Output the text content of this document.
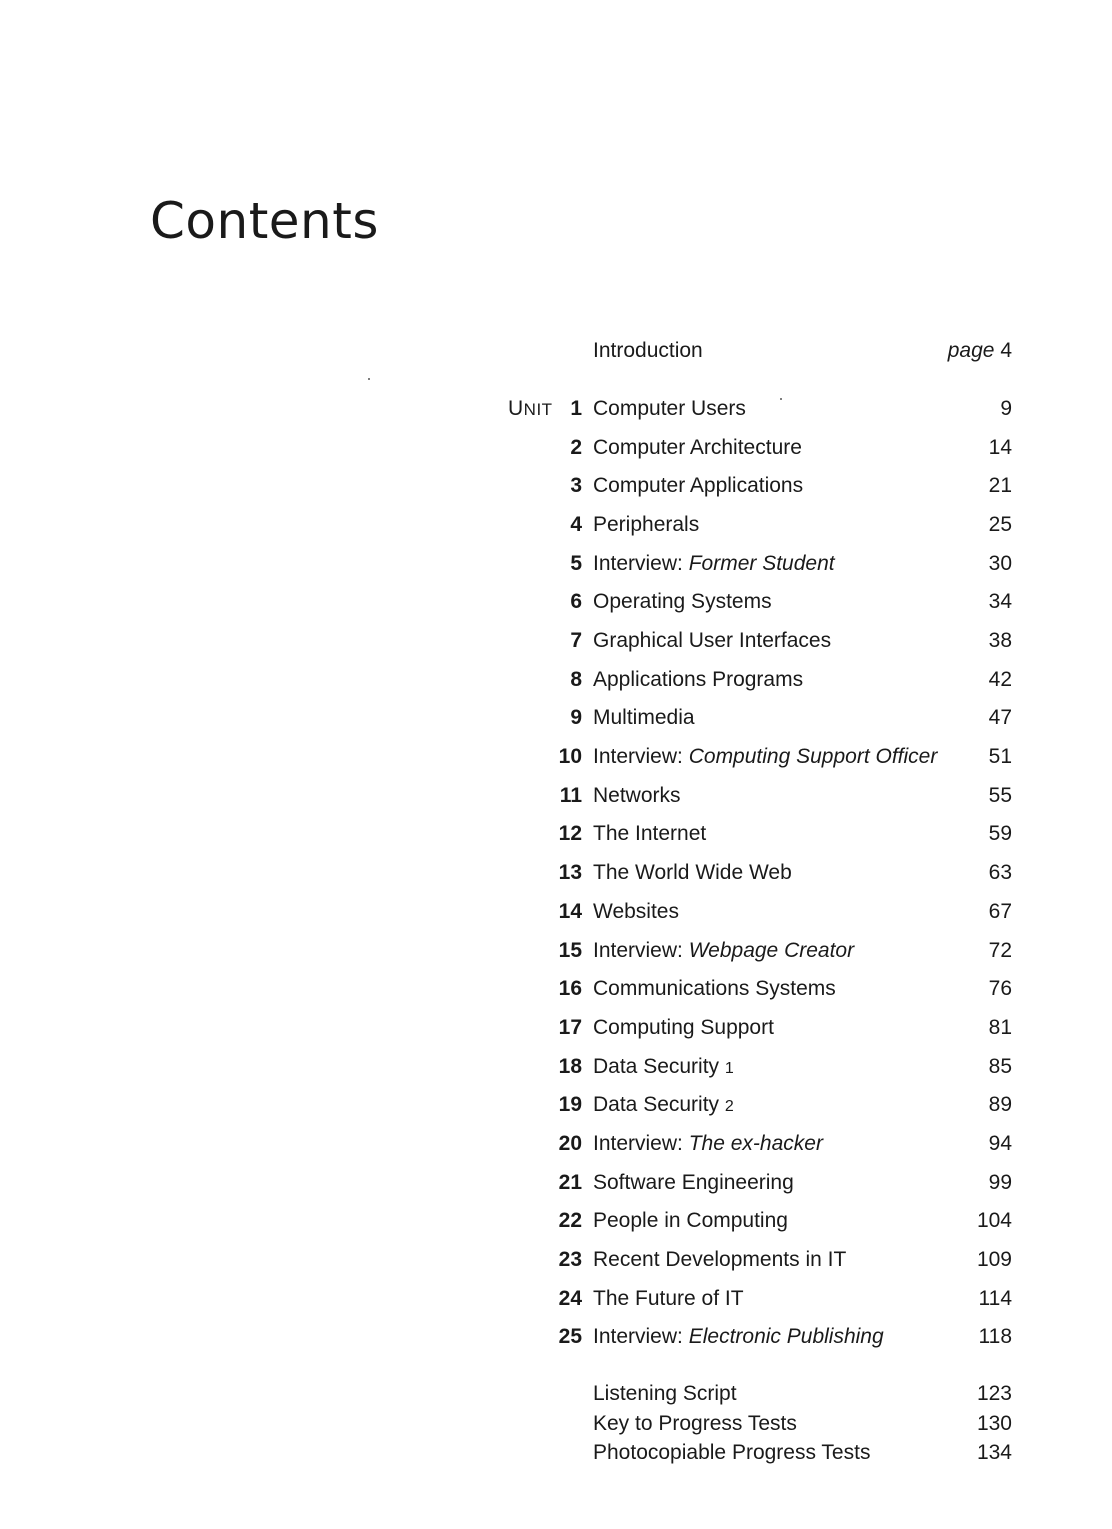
Contents
Introduction	page 4
UNIT 1 Computer Users	9
2 Computer Architecture	14
3 Computer Applications	21
4 Peripherals	25
5 Interview: Former Student	30
6 Operating Systems	34
7 Graphical User Interfaces	38
8 Applications Programs	42
9 Multimedia	47
10 Interview: Computing Support Officer 51
11 Networks	55
12 The Internet	59
13 The World Wide Web	63
14 Websites	67
15 Interview: Webpage Creator	72
16 Communications Systems	76
17 Computing Support	81
18 Data Security 1	85
19 Data Security 2	89
20 Interview: The ex-hacker	94
21 Software Engineering	99
22 People in Computing	104
23 Recent Developments in IT	109
24 The Future of IT	114
25 Interview: Electronic Publishing	118
Listening Script	123
Key to Progress Tests	130
Photocopiable Progress Tests	134
